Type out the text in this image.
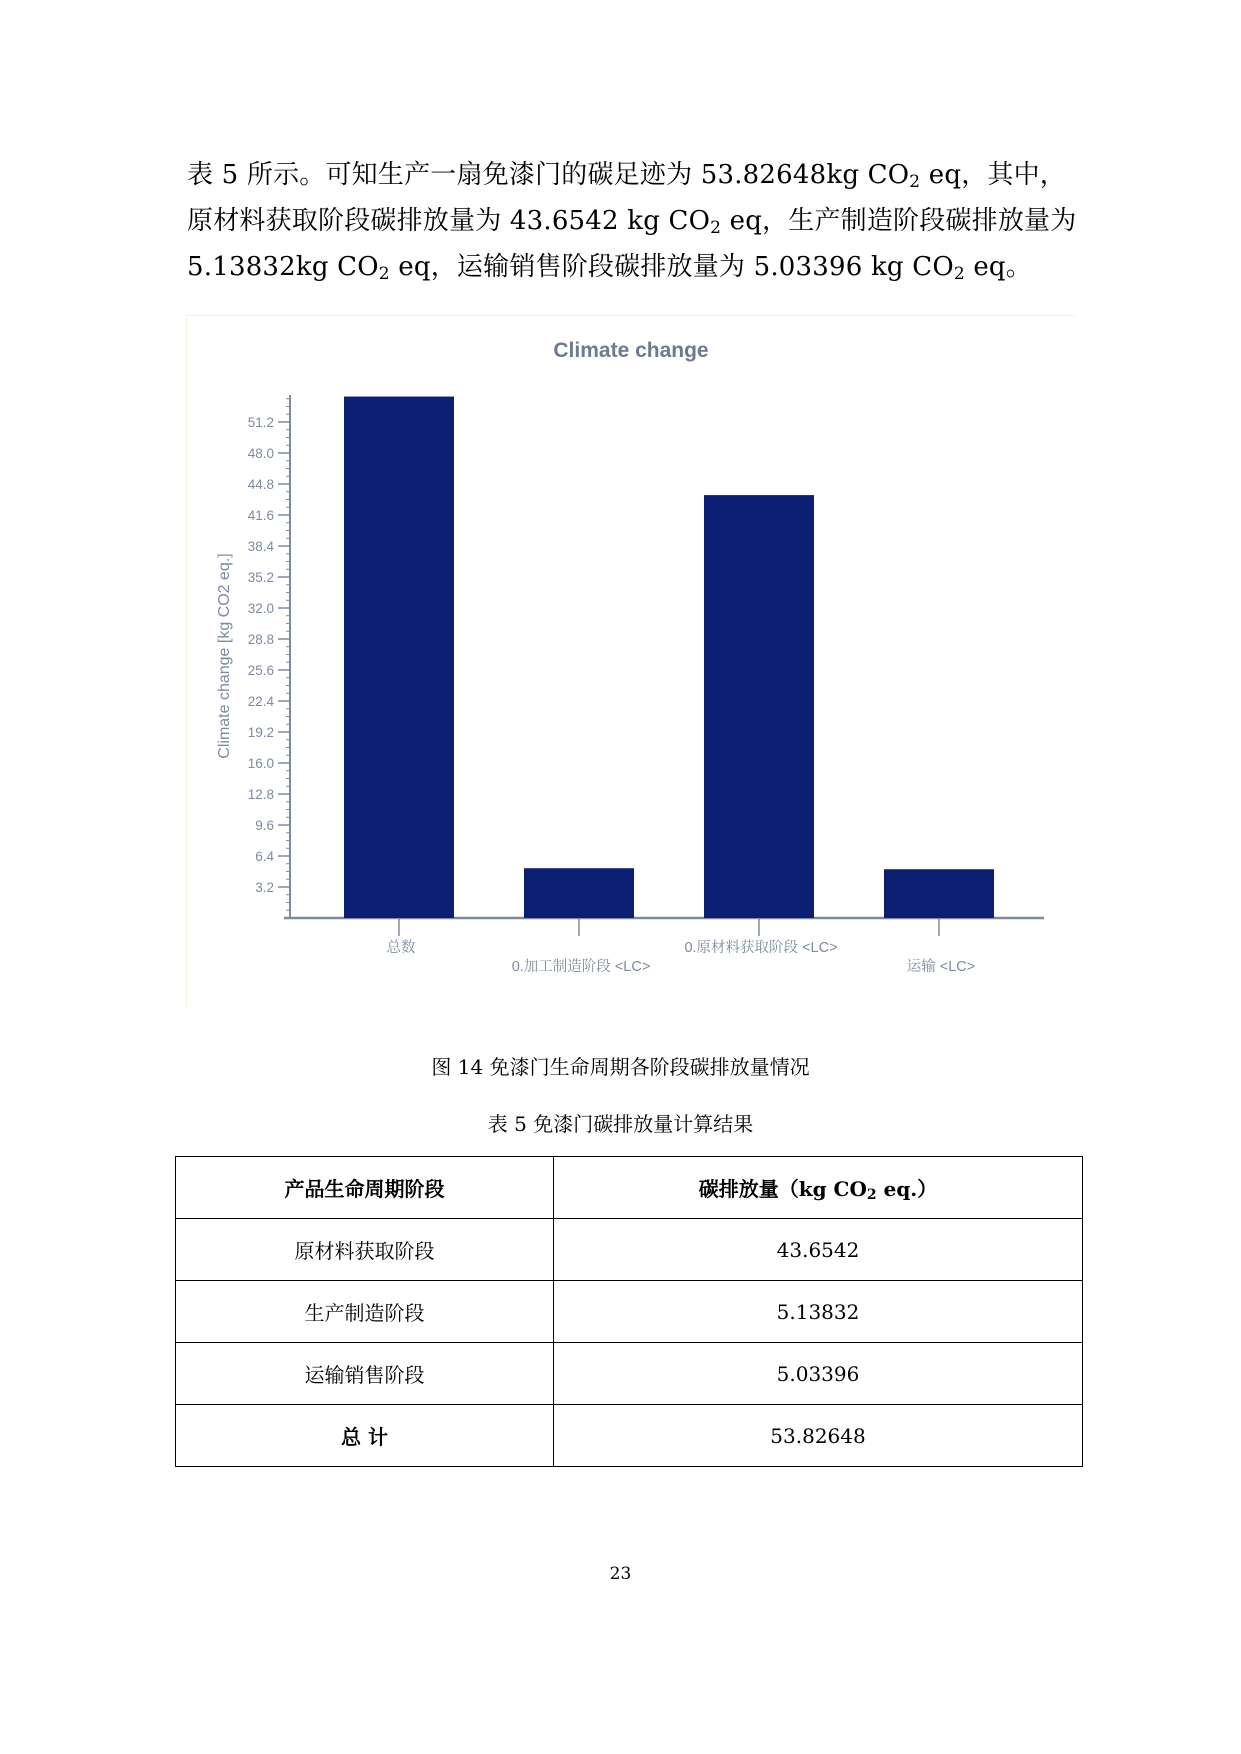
表 5 所示。可知生产一扇免漆门的碳足迹为 53.82648kg $CO_2$ eq，其中，原材料获取阶段碳排放量为 43.6542 kg $CO_2$ eq，生产制造阶段碳排放量为 5.13832kg $CO_2$ eq，运输销售阶段碳排放量为 5.03396 kg $CO_2$ eq。

Climate change
Climate change [kg CO2 eq.]
51.2
48.0
44.8
41.6
38.4
35.2
32.0
28.8
25.6
22.4
19.2
16.0
12.8
9.6
6.4
3.2
总数
0.加工制造阶段 <LC>
0.原材料获取阶段 <LC>
运输 <LC>

图 14 免漆门生命周期各阶段碳排放量情况

表 5 免漆门碳排放量计算结果

产品生命周期阶段	碳排放量（kg $CO_2$ eq.）
原材料获取阶段	43.6542
生产制造阶段	5.13832
运输销售阶段	5.03396
总 计	53.82648

23
